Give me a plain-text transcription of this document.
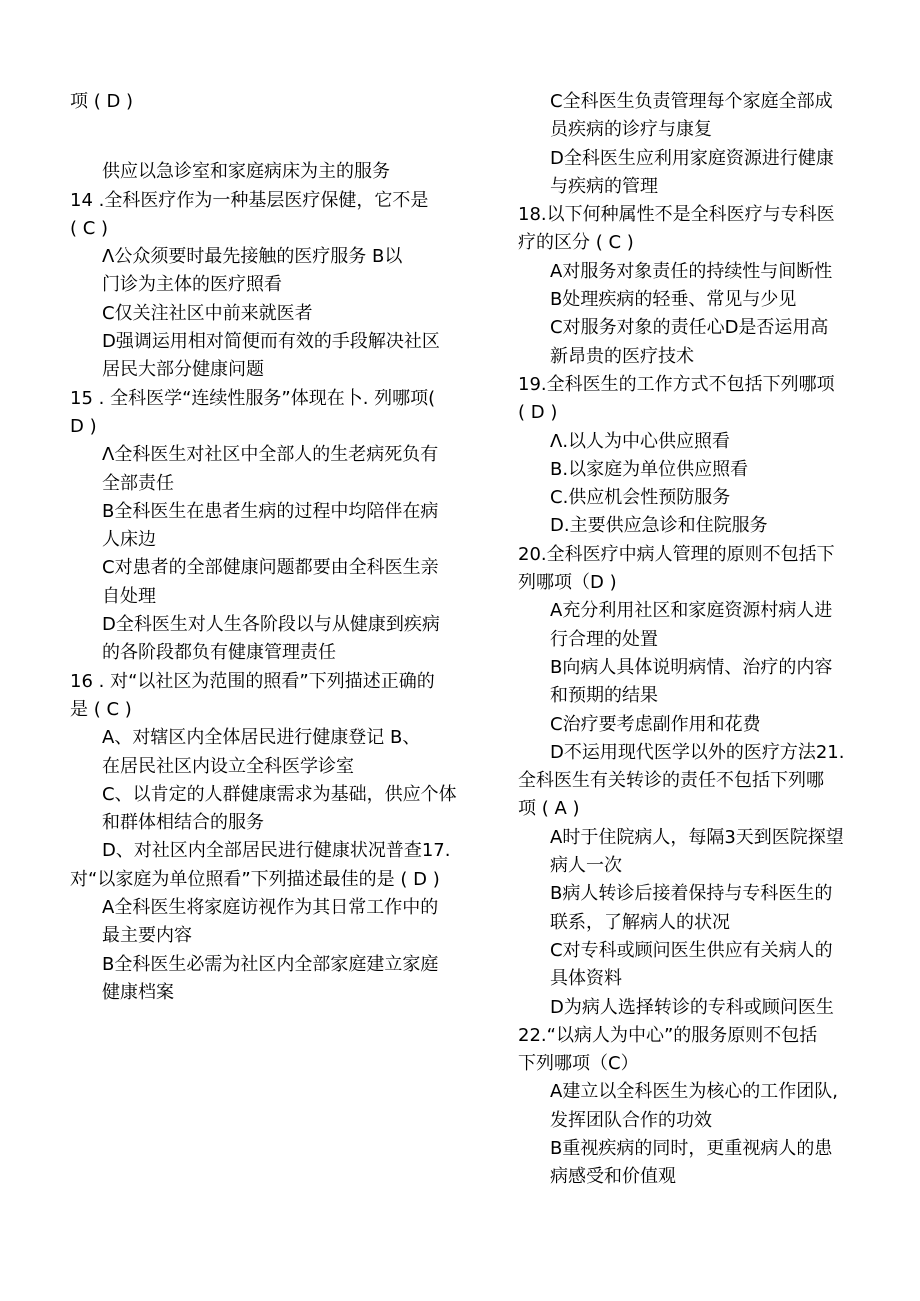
项 ( D )
供应以急诊室和家庭病床为主的服务
14 .全科医疗作为一种基层医疗保健，它不是
( C )
Λ公众须要时最先接触的医疗服务 B以
门诊为主体的医疗照看
C仅关注社区中前来就医者
D强调运用相对简便而有效的手段解决社区
居民大部分健康问题
15 . 全科医学“连续性服务”体现在卜. 列哪项(
D )
Λ全科医生对社区中全部人的生老病死负有
全部责任
B全科医生在患者生病的过程中均陪伴在病
人床边
C对患者的全部健康问题都要由全科医生亲
自处理
D全科医生对人生各阶段以与从健康到疾病
的各阶段都负有健康管理责任
16 . 对“以社区为范围的照看”下列描述正确的
是 ( C )
A、对辖区内全体居民进行健康登记 B、
在居民社区内设立全科医学诊室
C、以肯定的人群健康需求为基础，供应个体
和群体相结合的服务
D、对社区内全部居民进行健康状况普查17.
对“以家庭为单位照看”下列描述最佳的是 ( D )
A全科医生将家庭访视作为其日常工作中的
最主要内容
B全科医生必需为社区内全部家庭建立家庭
健康档案
C全科医生负责管理每个家庭全部成
员疾病的诊疗与康复
D全科医生应利用家庭资源进行健康
与疾病的管理
18.以下何种属性不是全科医疗与专科医
疗的区分 ( C )
A对服务对象责任的持续性与间断性
B处理疾病的轻垂、常见与少见
C对服务对象的责任心D是否运用高
新昂贵的医疗技术
19.全科医生的工作方式不包括下列哪项
( D )
Λ.以人为中心供应照看
B.以家庭为单位供应照看
C.供应机会性预防服务
D.主要供应急诊和住院服务
20.全科医疗中病人管理的原则不包括下
列哪项（D )
A充分利用社区和家庭资源村病人进
行合理的处置
B向病人具体说明病情、治疗的内容
和预期的结果
C治疗要考虑副作用和花费
D不运用现代医学以外的医疗方法21.
全科医生有关转诊的责任不包括下列哪
项 ( A )
A时于住院病人，每隔3天到医院探望
病人一次
B病人转诊后接着保持与专科医生的
联系，了解病人的状况
C对专科或顾问医生供应有关病人的
具体资料
D为病人选择转诊的专科或顾问医生
22.“以病人为中心”的服务原则不包括
下列哪项（C）
A建立以全科医生为核心的工作团队,
发挥团队合作的功效
B重视疾病的同时，更重视病人的患
病感受和价值观
